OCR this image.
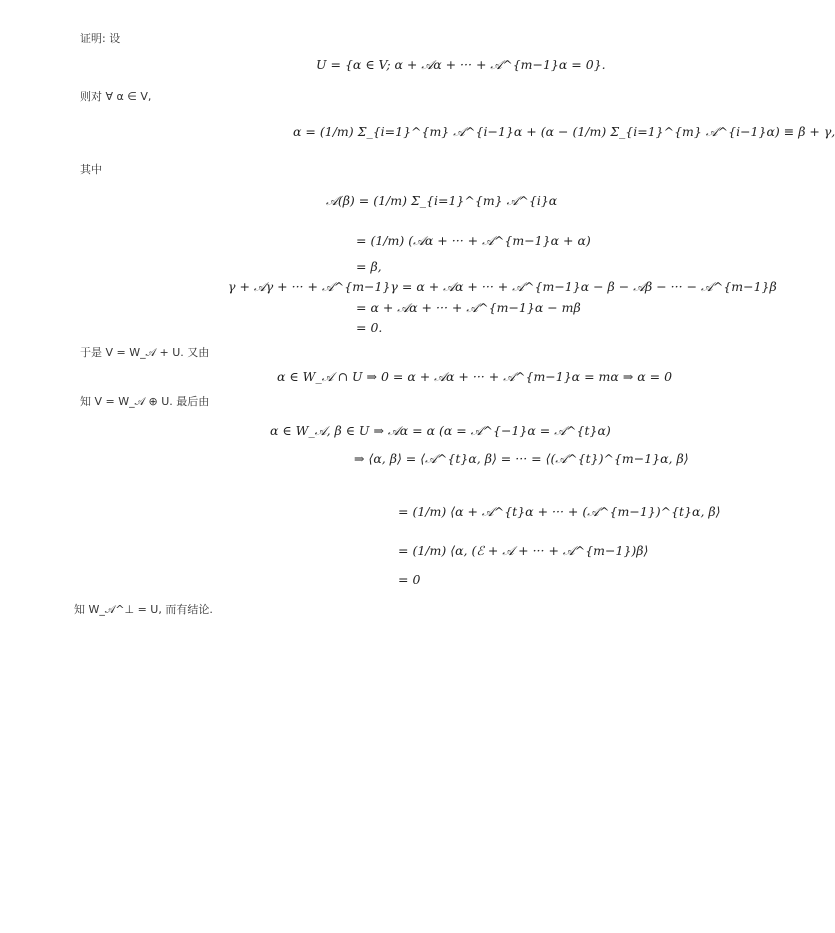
证明: 设
U = {α ∈ V; α + 𝒜α + ··· + 𝒜^{m−1}α = 0}.
则对 ∀ α ∈ V,
α = (1/m) Σ_{i=1}^{m} 𝒜^{i−1}α + (α − (1/m) Σ_{i=1}^{m} 𝒜^{i−1}α) ≡ β + γ,
其中
𝒜(β) = (1/m) Σ_{i=1}^{m} 𝒜^{i}α
= (1/m) (𝒜α + ··· + 𝒜^{m−1}α + α)
= β,
γ + 𝒜γ + ··· + 𝒜^{m−1}γ = α + 𝒜α + ··· + 𝒜^{m−1}α − β − 𝒜β − ··· − 𝒜^{m−1}β
= α + 𝒜α + ··· + 𝒜^{m−1}α − mβ
= 0.
于是 V = W_𝒜 + U. 又由
α ∈ W_𝒜 ∩ U ⇒ 0 = α + 𝒜α + ··· + 𝒜^{m−1}α = mα ⇒ α = 0
知 V = W_𝒜 ⊕ U. 最后由
α ∈ W_𝒜, β ∈ U ⇒ 𝒜α = α (α = 𝒜^{−1}α = 𝒜^{t}α)
⇒ ⟨α, β⟩ = ⟨𝒜^{t}α, β⟩ = ··· = ⟨(𝒜^{t})^{m−1}α, β⟩
= (1/m) ⟨α + 𝒜^{t}α + ··· + (𝒜^{m−1})^{t}α, β⟩
= (1/m) ⟨α, (ℰ + 𝒜 + ··· + 𝒜^{m−1})β⟩
= 0
知 W_𝒜^⊥ = U, 而有结论.
